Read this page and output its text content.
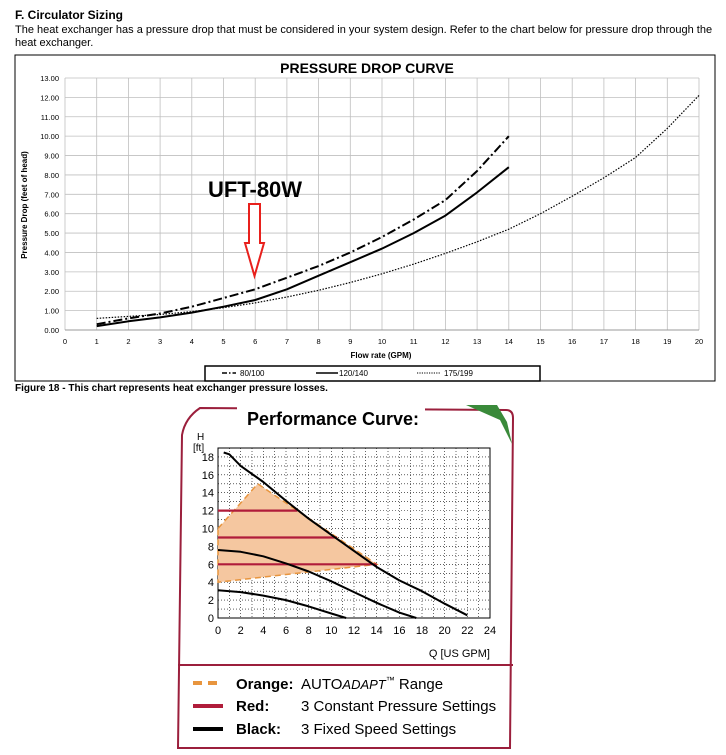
F. Circulator Sizing
The heat exchanger has a pressure drop that must be considered in your system design. Refer to the chart below for pressure drop through the heat exchanger.
Figure 18 - This chart represents heat exchanger pressure losses.
PRESSURE DROP CURVE
0.00
1.00
2.00
3.00
4.00
5.00
6.00
7.00
8.00
9.00
10.00
11.00
12.00
13.00
0	1	2	3	4	5	6	7	8	9	10	11	12	13	14	15	16	17	18	19	20
Pressure Drop (feet of head)
Flow rate (GPM)
UFT-80W
80/100	120/140	175/199
Performance Curve:
0
2
4
6
8
10
12
14
16
18
0 2 4 6 8 10 12 14 16 18 20 22 24
H [ft]
Q [US GPM]
Orange: AUTOADAPT™ Range
Red: 3 Constant Pressure Settings
Black: 3 Fixed Speed Settings
